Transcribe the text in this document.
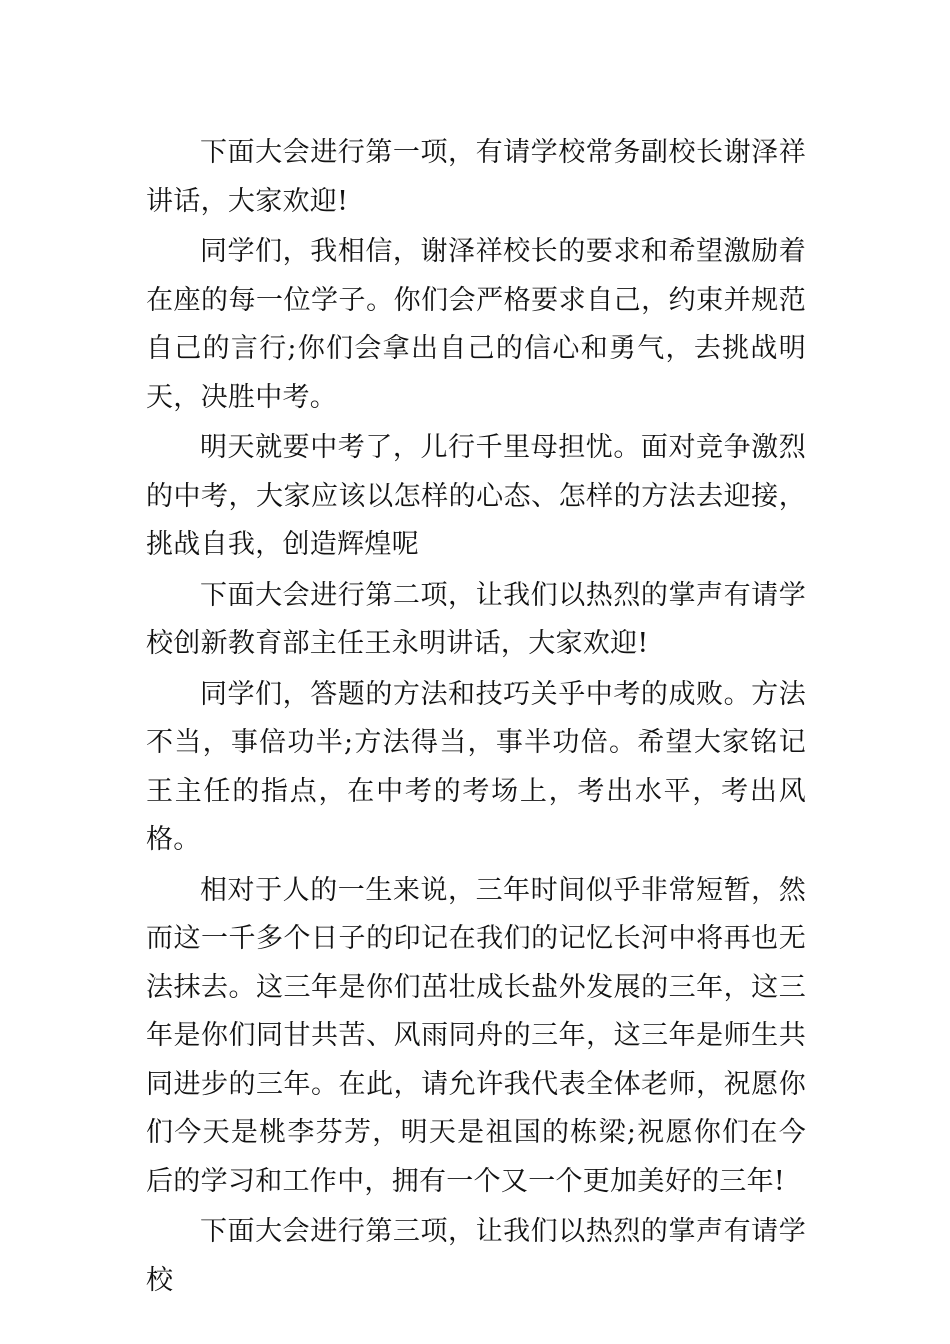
下面大会进行第一项，有请学校常务副校长谢泽祥讲话，大家欢迎!

同学们，我相信，谢泽祥校长的要求和希望激励着在座的每一位学子。你们会严格要求自己，约束并规范自己的言行;你们会拿出自己的信心和勇气，去挑战明天，决胜中考。

明天就要中考了，儿行千里母担忧。面对竞争激烈的中考，大家应该以怎样的心态、怎样的方法去迎接，挑战自我，创造辉煌呢

下面大会进行第二项，让我们以热烈的掌声有请学校创新教育部主任王永明讲话，大家欢迎!

同学们，答题的方法和技巧关乎中考的成败。方法不当，事倍功半;方法得当，事半功倍。希望大家铭记王主任的指点，在中考的考场上，考出水平，考出风格。

相对于人的一生来说，三年时间似乎非常短暂，然而这一千多个日子的印记在我们的记忆长河中将再也无法抹去。这三年是你们茁壮成长盐外发展的三年，这三年是你们同甘共苦、风雨同舟的三年，这三年是师生共同进步的三年。在此，请允许我代表全体老师，祝愿你们今天是桃李芬芳，明天是祖国的栋梁;祝愿你们在今后的学习和工作中，拥有一个又一个更加美好的三年!

下面大会进行第三项，让我们以热烈的掌声有请学校
